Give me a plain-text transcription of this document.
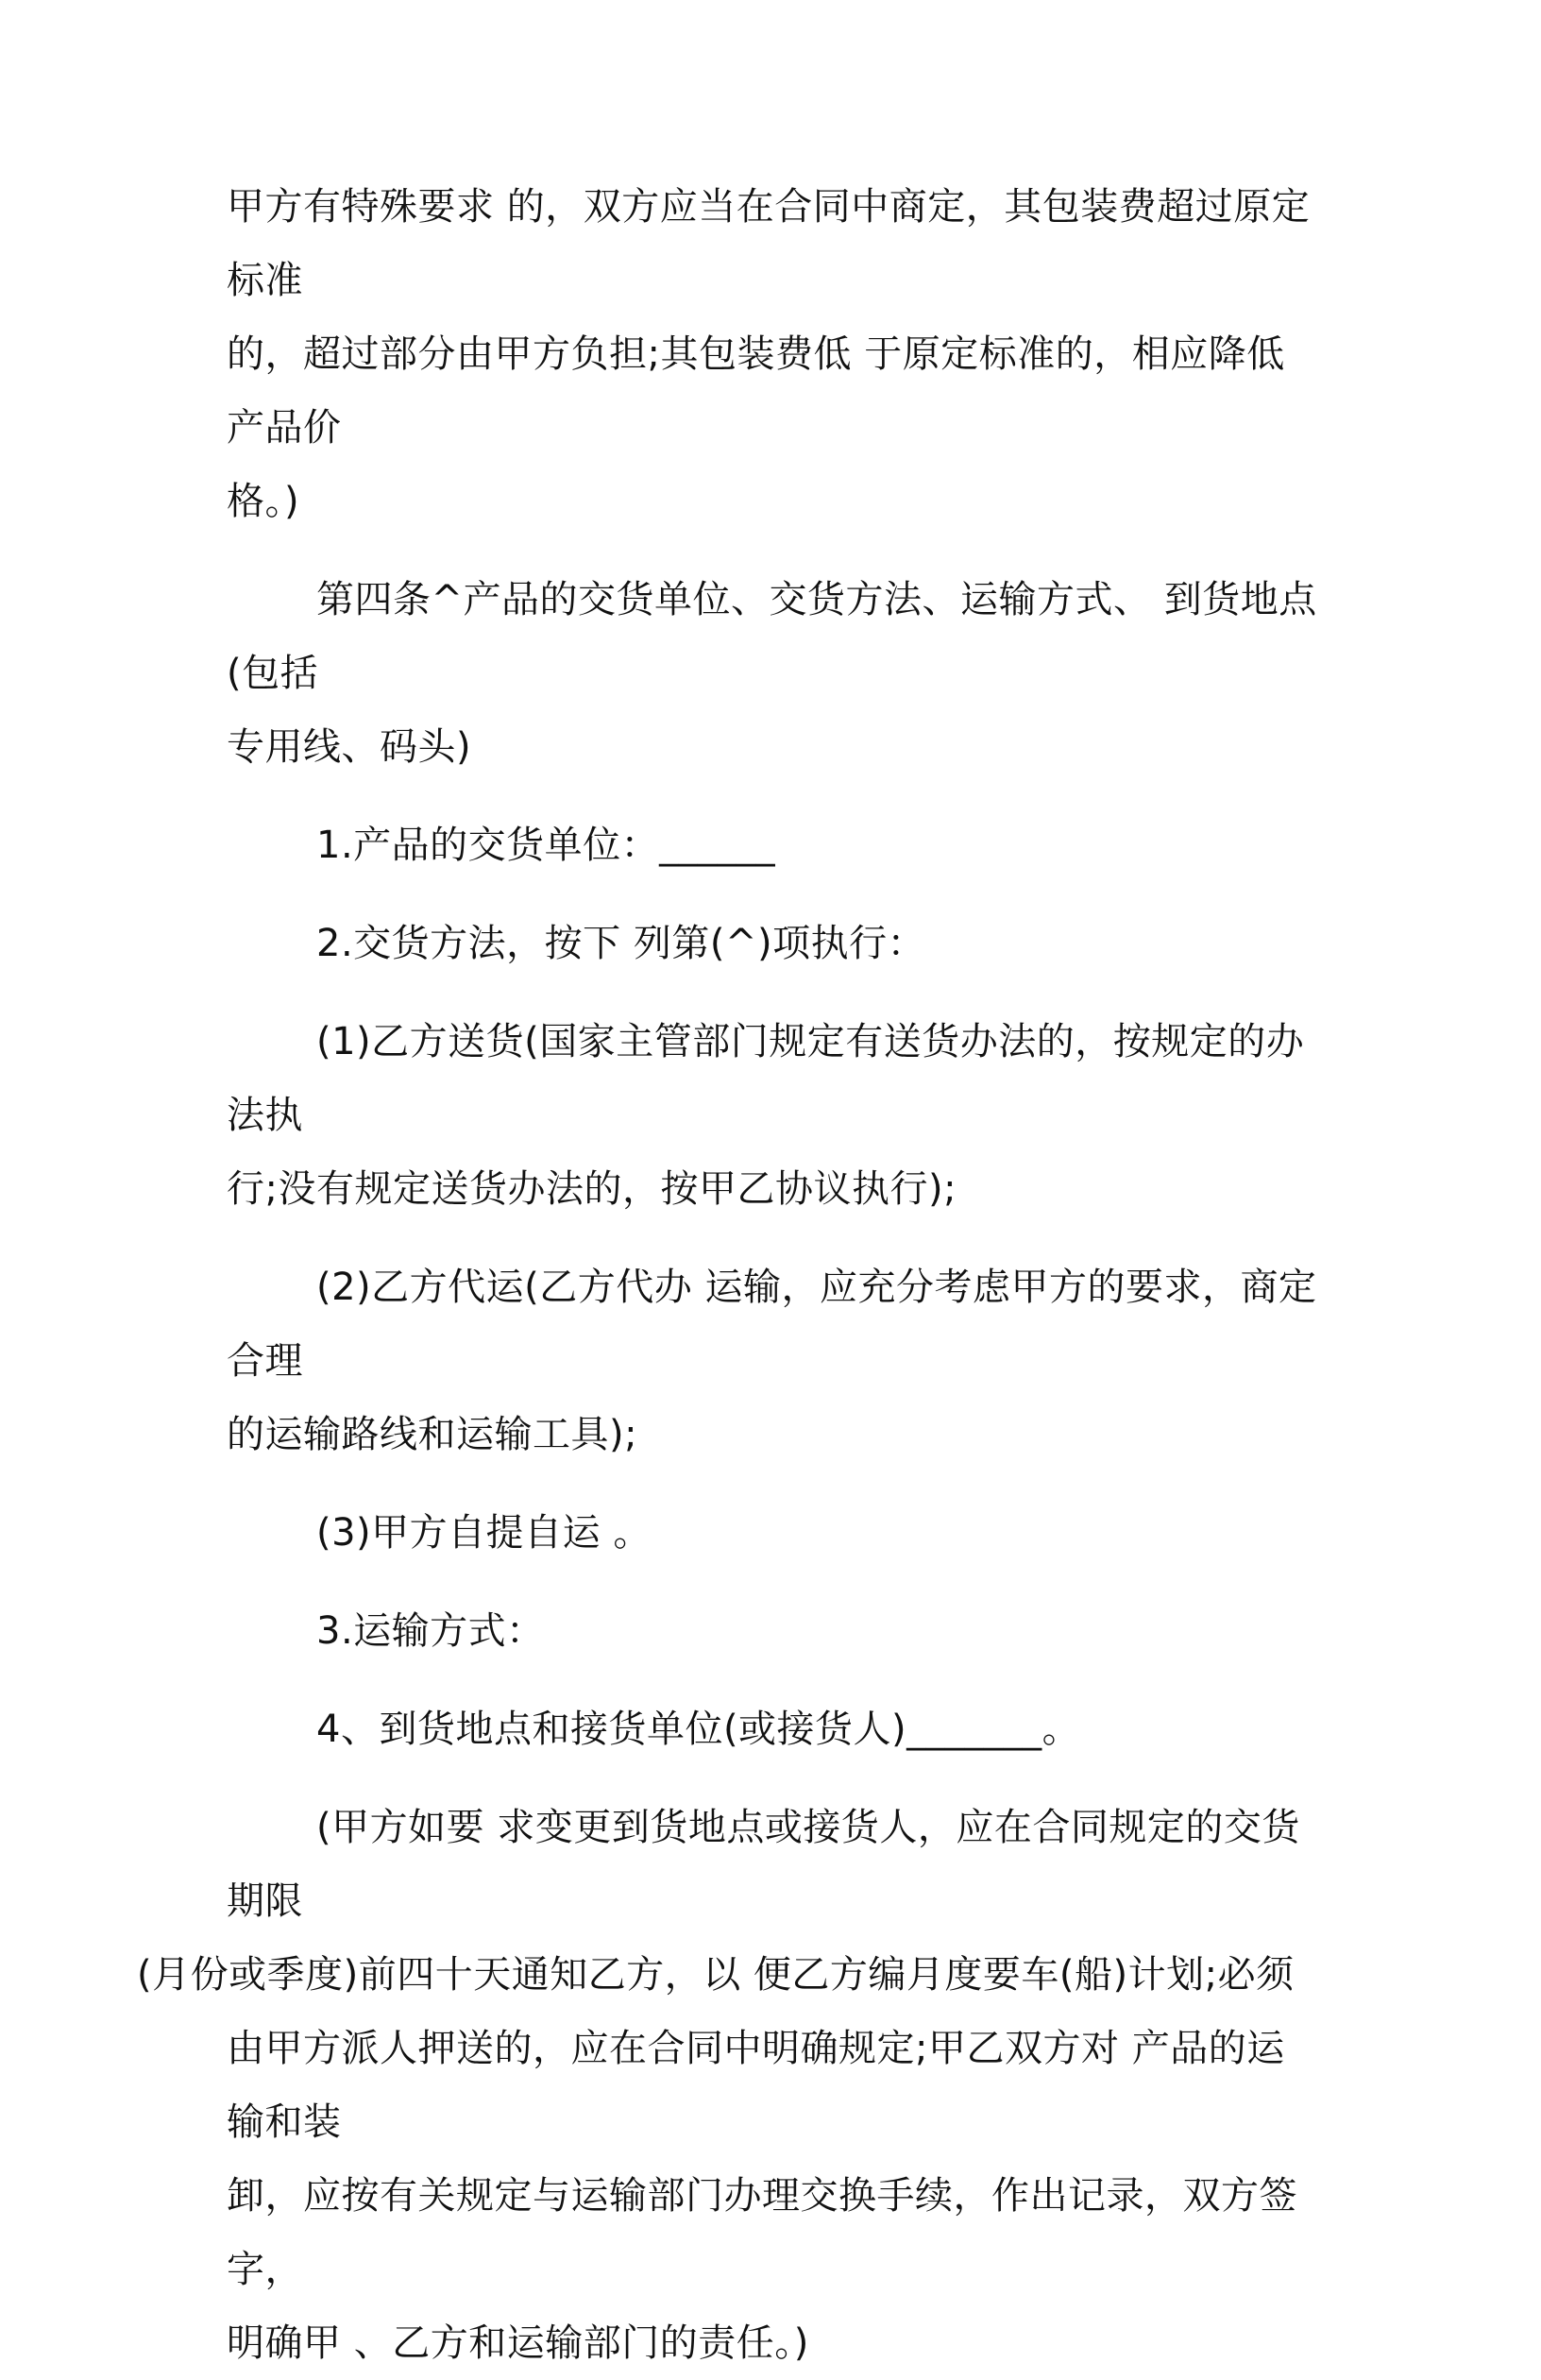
甲方有特殊要求 的，双方应当在合同中商定，其包装费超过原定标准
的，超过部分由甲方负担;其包装费低 于原定标准的，相应降低产品价
格。)

第四条^产品的交货单位、交货方法、运输方式、 到货地点(包括
专用线、码头)

1.产品的交货单位：______

2.交货方法，按下 列第(^)项执行：

(1)乙方送货(国家主管部门规定有送货办法的，按规定的办法执
行;没有规定送货办法的，按甲乙协议执行);

(2)乙方代运(乙方代办 运输，应充分考虑甲方的要求，商定合理
的运输路线和运输工具);

(3)甲方自提自运 。

3.运输方式：

4、到货地点和接货单位(或接货人)_______。

(甲方如要 求变更到货地点或接货人，应在合同规定的交货期限
(月份或季度)前四十天通知乙方，以 便乙方编月度要车(船)计划;必须
由甲方派人押送的，应在合同中明确规定;甲乙双方对 产品的运输和装
卸，应按有关规定与运输部门办理交换手续，作出记录，双方签字，
明确甲 、乙方和运输部门的责任。)
